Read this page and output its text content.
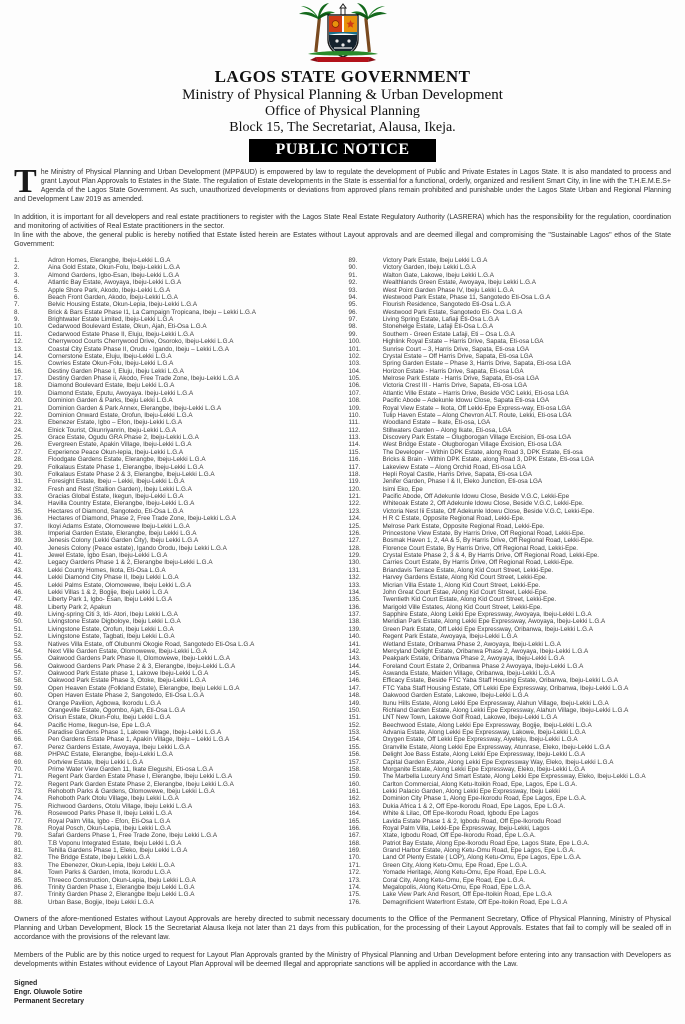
LAGOS STATE GOVERNMENT
Ministry of Physical Planning & Urban Development
Office of Physical Planning
Block 15, The Secretariat, Alausa, Ikeja.
PUBLIC NOTICE

The Ministry of Physical Planning and Urban Development (MPP&UD) is empowered by law to regulate the development of Public and Private Estates in Lagos State. It is also mandated to process and grant Layout Plan Approvals to Estates in the State. The regulation of Estate developments in the State is essential for a functional, orderly, organized and resilient Smart City, in line with the T.H.E.M.E.S+ Agenda of the Lagos State Government. As such, unauthorized developments or deviations from approved plans remain prohibited and punishable under the Lagos State Urban and Regional Planning and Development Law 2019 as amended.

In addition, it is important for all developers and real estate practitioners to register with the Lagos State Real Estate Regulatory Authority (LASRERA) which has the responsibility for the regulation, coordination and monitoring of activities of Real Estate practitioners in the sector.

In line with the above, the general public is hereby notified that Estate listed herein are Estates without Layout approvals and are deemed illegal and compromising the "Sustainable Lagos" ethos of the State Government:

1.	Adron Homes, Elerangbe, Ibeju-Lekki L.G.A
2.	Aina Gold Estate, Okun-Folu, Ibeju-Lekki L.G.A
3.	Almond Gardens, Igbo-Esan, Ibeju-Lekki L.G.A
4.	Atlantic Bay Estate, Awoyaya, Ibeju-Lekki L.G.A
5.	Apple Shore Park, Akodo, Ibeju-Lekki L.G.A
6.	Beach Front Garden, Akodo, Ibeju-Lekki L.G.A
7.	Belvic Housing Estate, Okun-Lepia, Ibeju-Lekki L.G.A
8.	Brick & Bars Estate Phase I1, La Campaign Tropicana, Ibeju – Lekki L.G.A
9.	Brightwater Estate Limited, Ibeju-Lekki L.G.A
10.	Cedarwood Boulevard Estate, Okun, Ajah, Eti-Osa L.G.A
11.	Cedarwood Estate Phase II, Eluju, Ibeju-Lekki L.G.A
12.	Cherrywood Courts Cherrywood Drive, Osoroko, Ibeju-Lekki L.G.A
13.	Coastal City Estate Phase II, Orudu - Igando, Ibeju – Lekki L.G.A
14.	Cornerstone Estate, Eluju, Ibeju-Lekki L.G.A
15.	Cowries Estate Okun-Folu, Ibeju-Lekki L.G.A
16.	Destiny Garden Phase I, Eluju, Ibeju Lekki L.G.A
17.	Destiny Garden Phase ii, Akodo, Free Trade Zone, Ibeju-Lekki L.G.A
18.	Diamond Boulevard Estate, Ibeju Lekki L.G.A
19.	Diamond Estate, Eputu, Awoyaya. Ibeju-Lekki L.G.A
20.	Dominion Garden & Parks, Ibeju Lekki L.G.A
21.	Dominion Garden & Park Annex, Elerangbe, Ibeju-Lekki L.G.A
22.	Dominion Onward Estate, Orofun, Ibeju-Lekki L.G.A
23.	Ebenezer Estate, Igbo – Efon, Ibeju-Lekki L.G.A
24.	Elnick Tourist, Okunriyanrin, Ibeju-Lekki L.G.A
25.	Grace Estate, Ogudu GRA Phase 2, Ibeju-Lekki L.G.A
26.	Evergreen Estate, Apakin Village, Ibeju-Lekki L.G.A
27.	Experience Peace Okun-lepia, Ibeju-Lekki L.G.A
28.	Floodgate Gardens Estate, Elerangbe, Ibeju-Lekki L.G.A
29.	Folkalaus Estate Phase 1, Elerangbe, Ibeju-Lekki L.G.A
30.	Folkalaus Estate Phase 2 & 3, Elerangbe, Ibeju-Lekki L.G.A
31.	Foresight Estate, Ibeju – Lekki, Ibeju-Lekki L.G.A
32.	Fresh and Rest (Stallion Garden), Ibeju Lekki L.G.A
33.	Gracias Global Estate, Ikegun, Ibeju-Lekki L.G.A
34.	Havilla Country Estate, Elerangbe, Ibeju-Lekki L.G.A
35.	Hectares of Diamond, Sangotedo, Eti-Osa L.G.A
36.	Hectares of Diamond, Phase 2, Free Trade Zone, Ibeju-Lekki L.G.A
37.	Ikoyi Adams Estate, Olomowewe Ibeju-Lekki L.G.A
38.	Imperial Garden Estate, Elerangbe, Ibeju Lekki L.G.A
39.	Jenesis Colony (Lekki Garden City), Ibeju Lekki L.G.A
40.	Jenesis Colony (Peace estate), Igando Orodu, Ibeju Lekki L.G.A
41.	Jewel Estate, Igbo Esan, Ibeju-Lekki L.G.A
42.	Legacy Gardens Phase 1 & 2, Elerangbe Ibeju-Lekki L.G.A
43.	Lekki County Homes, Ikota, Eti-Osa L.G.A
44.	Lekki Diamond City Phase II, Ibeju Lekki L.G.A
45.	Lekki Palms Estate, Olomowewe, Ibeju Lekki L.G.A
46.	Lekki Villas 1 & 2, Bogije, Ibeju Lekki L.G.A
47.	Liberty Park 1, Igbo- Esan, Ibeju Lekki L.G.A
48.	Liberty Park 2, Apakun
49.	Living-spring Citi 3, Idi- Atori, Ibeju Lekki L.G.A
50.	Livingstone Estate Digboloye, Ibeju Lekki L.G.A
51.	Livingstone Estate, Orofun, Ibeju Lekki L.G.A
52.	Livingstone Estate, Tagbati, Ibeju Lekki L.G.A
53.	Natives Villa Estate, off Olubunmi Okogie Road, Sangotedo Eti-Osa L.G.A
54.	Next Ville Garden Estate, Olomowewe, Ibeju-Lekki L.G.A
55.	Oakwood Gardens Park Phase II, Olomowewe, Ibeju-Lekki L.G.A
56.	Oakwood Gardens Park Phase 2 & 3, Elerangbe, Ibeju-Lekki L.G.A
57.	Oakwood Park Estate phase 1, Lakowe Ibeju-Lekki L.G.A
58.	Oakwood Park Estate Phase 3, Otoke, Ibeju-Lekki L.G.A
59.	Open Heaven Estate (Folkland Estate), Elerangbe, Ibeju Lekki L.G.A
60.	Open Haven Estate Phase 2, Sangotedo, Eti-Osa L.G.A
61.	Orange Pavilion, Agbowa, Ikorodu L.G.A
62.	Orangeville Estate, Ogombo, Ajah, Eti-Osa L.G.A
63.	Orisun Estate, Okun-Folu, Ibeju Lekki L.G.A
64.	Pacific Home, Ikegun-Ise, Epe L.G.A
65.	Paradise Gardens Phase 1, Lakowe Village, Ibeju-Lekki L.G.A
66.	Pen Gardens Estate Phase 1, Apakin Village, Ibeju – Lekki L.G.A
67.	Perez Gardens Estate, Awoyaya, Ibeju Lekki L.G.A
68.	PHPAC Estate, Elerangbe, Ibeju-Lekki L.G.A
69.	Portview Estate, Ibeju Lekki L.G.A
70.	Prime Water View Garden 11, Ikate Elegushi, Eti-osa L.G.A
71.	Regent Park Garden Estate Phase I, Elerangbe, Ibeju Lekki L.G.A
72.	Regent Park Garden Estate Phase 2, Elerangbe, Ibeju Lekki L.G.A
73.	Rehoboth Parks & Gardens, Olomowewe, Ibeju Lekki L.G.A
74.	Rehoboth Park Otolu Village, Ibeju Lekki L.G.A
75.	Richwood Gardens, Otolu Village, Ibeju Lekki L.G.A
76.	Rosewood Parks Phase II, Ibeju Lekki L.G.A
77.	Royal Palm Villa, Igbo - Efon, Eti-Osa L.G.A
78.	Royal Posch, Okun-Lepia, Ibeju Lekki L.G.A
79.	Safari Gardens Phase 1, Free Trade Zone, Ibeju Lekki L.G.A
80.	T.B Voponu Integrated Estate, Ibeju Lekki L.G.A
81.	Tehilla Gardens Phase 1, Eleko, Ibeju Lekki L.G.A
82.	The Bridge Estate, Ibeju Lekki L.G.A
83.	The Ebenezer, Okun-Lepia, Ibeju Lekki L.G.A
84.	Town Parks & Garden, Imota, Ikorodu L.G.A
85.	Threeco Construction, Okun-Lepia, Ibeju Lekki L.G.A
86.	Trinity Garden Phase 1, Elerangbe Ibeju Lekki L.G.A
87.	Trinity Garden Phase 2, Elerangbe Ibeju Lekki L.G.A
88.	Urban Base, Bogije, Ibeju Lekki L.G.A
89.	Victory Park Estate, Ibeju Lekki L.G.A
90.	Victory Garden, Ibeju Lekki L.G.A
91.	Walton Gate, Lakowe, Ibeju Lekki L.G.A
92.	Wealthlands Green Estate, Awoyaya, Ibeju Lekki L.G.A
93.	West Point Garden Phase IV, Ibeju Lekki L.G.A
94.	Westwood Park Estate, Phase 11, Sangotedo Eti-Osa L.G.A
95.	Flourish Residence, Sangotedo Eti-Osa L.G.A
96.	Westwood Park Estate, Sangotedo Eti- Osa L.G.A
97.	Living Spring Estate, Lafiaji Eti-Osa L.G.A
98.	Stonehelge Estate, Lafaji Eti-Osa L.G.A
99.	Southern - Green Estate Lafaji, Eti – Osa L.G.A
100.	Highlink Royal Estate – Harris Drive, Sapata, Eti-osa LGA
101.	Sunrise Court – 3, Harris Drive, Sapata, Eti-osa LGA
102.	Crystal Estate – Off Harris Drive, Sapata, Eti-osa LGA
103.	Spring Garden Estate – Phase 3, Harris Drive, Sapata, Eti-osa LGA
104.	Horizon Estate - Harris Drive, Sapata, Eti-osa LGA
105.	Melrose Park Estate - Harris Drive, Sapata, Eti-osa LGA
106.	Victoria Crest III - Harris Drive, Sapata, Eti-osa LGA
107.	Atlantic Ville Estate – Harris Drive, Beside VGC Lekki, Eti-osa LGA
108.	Pacific Abode – Adekunle Idowu Close, Sapata Eti-osa LGA
109.	Royal View Estate – Ikota, Off Lekki-Epe Express-way, Eti-osa LGA
110.	Tulip Haven Estate – Along Chevron ALT. Route, Lekki, Eti-osa LGA
111.	Woodland Estate – Ikate, Eti-osa, LGA
112.	Stillwaters Garden – Along Ikate, Eti-osa, LGA
113.	Discovery Park Estate – Olugborogan Village Excision, Eti-osa LGA
114.	West Bridge Estate - Olugborogan Village Excision, Eti-osa LGA
115.	The Developer – Within DPK Estate, along Road 3, DPK Estate, Eti-osa
116.	Bricks & Brain - Within DPK Estate, along Road 3, DPK Estate, Eti-osa LGA
117.	Lakeview Estate – Along Orchid Road, Eti-osa LGA
118.	Hepli Royal Castle, Harris Drive, Sapata, Eti-osa LGA
119.	Jenifer Garden, Phase I & II, Eleko Junction, Eti-osa LGA
120.	Isimi Eko, Epe
121.	Pacific Abode, Off Adekunle Idowu Close, Beside V.G.C, Lekki-Epe
122.	Whiteoak Estate 2, Off Adekunle Idowu Close, Beside V.G.C, Lekki-Epe.
123.	Victoria Nest Iii Estate, Off Adekunle Idowu Close, Beside V.G.C, Lekki-Epe.
124.	H R C Estate, Opposite Regional Road, Lekki-Epe.
125.	Melrose Park Estate, Opposite Regional Road, Lekki-Epe.
126.	Princestone View Estate, By Harris Drive, Off Regional Road, Lekki-Epe.
127.	Bosmak Haven 1, 2, 4A & 5, By Harris Drive, Off Regional Road, Lekki-Epe.
128.	Florence Court Estate, By Harris Drive, Off Regional Road, Lekki-Epe.
129.	Crystal Estate Phase 2, 3 & 4, By Harris Drive, Off Regional Road, Lekki-Epe.
130.	Carries Court Estate, By Harris Drive, Off Regional Road, Lekki-Epe.
131.	Briandavis Terrace Estate, Along Kid Court Street, Lekki-Epe.
132.	Harvey Gardens Estate, Along Kid Court Street, Lekki-Epe.
133.	Micrian Villa Estate 1, Along Kid Court Street, Lekki-Epe.
134.	John Great Court Estae, Along Kid Court Street, Lekki-Epe.
135.	Twentieth Kid Court Estate, Along Kid Court Street, Lekki-Epe.
136.	Marigold Ville Estates, Along Kid Court Street, Lekki-Epe.
137.	Sapphire Estate, Along Lekki Epe Expressway, Awoyaya, Ibeju-Lekki L.G.A
138.	Meridian Park Estate, Along Lekki Epe Expressway, Awoyaya, Ibeju-Lekki L.G.A
139.	Green Park Estate, Off Lekki Epe Expressway, Oribanwa, Ibeju-Lekki L.G.A
140.	Regent Park Estate, Awoyaya, Ibeju-Lekki L.G.A
141.	Wetland Estate, Oribanwa Phase 2, Awoyaya, Ibeju-Lekki L.G.A
142.	Mercyland Delight Estate, Oribanwa Phase 2, Awoyaya, Ibeju-Lekki L.G.A
143.	Peakpark Estate, Oribanwa Phase 2, Awoyaya, Ibeju-Lekki L.G.A
144.	Foreland Court Estate 2, Oribanwa Phase 2 Awoyaya, Ibeju-Lekki L.G.A
145.	Aswanda Estate, Maiden Village, Oribanwa, Ibeju-Lekki L.G.A
146.	Efficacy Estate, Beside FTC Yaba Staff Housing Estate, Oribanwa, Ibeju-Lekki L.G.A
147.	FTC Yaba Staff Housing Estate, Off Lekki Epe Expressway, Oribanwa, Ibeju-Lekki L.G.A
148.	Oakwood Garden Estate, Lakowe, Ibeju-Lekki L.G.A
149.	Itunu Hills Estate, Along Lekki Epe Expressway, Alahun Village, Ibeju-Lekki L.G.A
150.	Richland Garden Estate, Along Lekki Epe Expressway, Alahun Village, Ibeju-Lekki L.G.A
151.	LNT New Town, Lakowe Golf Road, Lakowe, Ibeju-Lekki L.G.A
152.	Beechwood Estate, Along Lekki Epe Expressway, Bogije, Ibeju-Lekki L.G.A
153.	Advania Estate, Along Lekki Epe Expressway, Lakowe, Ibeju-Lekki L.G.A
154.	Oxygen Estate, Off Lekki Epe Expressway, Aiyeteju, Ibeju-Lekki L.G.A
155.	Granville Estate, Along Lekki Epe Expressway, Atunrase, Eleko, Ibeju-Lekki L.G.A
156.	Delight Joe Bass Estate, Along Lekki Epe Expressway, Ibeju-Lekki L.G.A
157.	Capital Garden Estate, Along Lekki Epe Expressway Way, Eleko, Ibeju-Lekki L.G.A
158.	Morganite Estate, Along Lekki Epe Expressway, Eleko, Ibeju-Lekki L.G.A
159.	The Marbella Luxury And Smart Estate, Along Lekki Epe Expressway, Eleko, Ibeju-Lekki L.G.A
160.	Carlton Commercial, Along Ketu-Itoikin Road, Epe, Lagos, Epe L.G.A.
161.	Lekki Palacio Garden, Along Lekki Epe Expressway, Ibeju Lekki
162.	Dominion City Phase 1, Along Epe-Ikorodu Road, Epe Lagos, Epe L.G.A.
163.	Dukia Africa 1 & 2, Off Epe-Ikorodu Road, Epe Lagos, Epe L.G.A.
164.	White & Lilac, Off Epe-Ikorodu Road, Igbodu Epe Lagos
165.	Lavida Estate Phase 1 & 2, Igbodu Road, Off Epe-Ikorodu Road
166.	Royal Palm Villa, Lekki-Epe Expressway, Ibeju-Lekki, Lagos
167.	Xtate, Igbodu Road, Off Epe-Ikorodu Road, Epe L.G.A.
168.	Patriot Bay Estate, Along Epe-Ikorodu Road Epe, Lagos State, Epe L.G.A.
169.	Grand Harbor Estate, Along Ketu-Omu Road, Epe Lagos, Epe L.G.A.
170.	Land Of Plenty Estate ( LOP), Along Ketu-Omu, Epe Lagos, Epe L.G.A.
171.	Green City, Along Ketu-Omu, Epe Road, Epe L.G.A.
172.	Yomade Heritage, Along Ketu-Omu, Epe Road, Epe L.G.A.
173.	Coral City, Along Ketu-Omu, Epe Road, Epe L.G.A.
174.	Megalopolis, Along Ketu-Omu, Epe Road, Epe L.G.A.
175.	Lake View Park And Resort, Off Epe-Itoikin Road, Epe L.G.A
176.	Demagnificient Waterfront Estate, Off Epe-Itoikin Road, Epe L.G.A

Owners of the afore-mentioned Estates without Layout Approvals are hereby directed to submit necessary documents to the Office of the Permanent Secretary, Office of Physical Planning, Ministry of Physical Planning and Urban Development, Block 15 the Secretariat Alausa Ikeja not later than 21 days from this publication, for the processing of their Layout Approvals. Estates that fail to comply will be sealed off in accordance with the provisions of the relevant law.

Members of the Public are by this notice urged to request for Layout Plan Approvals granted by the Ministry of Physical Planning and Urban Development before entering into any transaction with Developers as developments within Estates without evidence of Layout Plan Approval will be deemed Illegal and appropriate sanctions will be applied in accordance with the Law.

Signed
Engr. Oluwole Sotire
Permanent Secretary
